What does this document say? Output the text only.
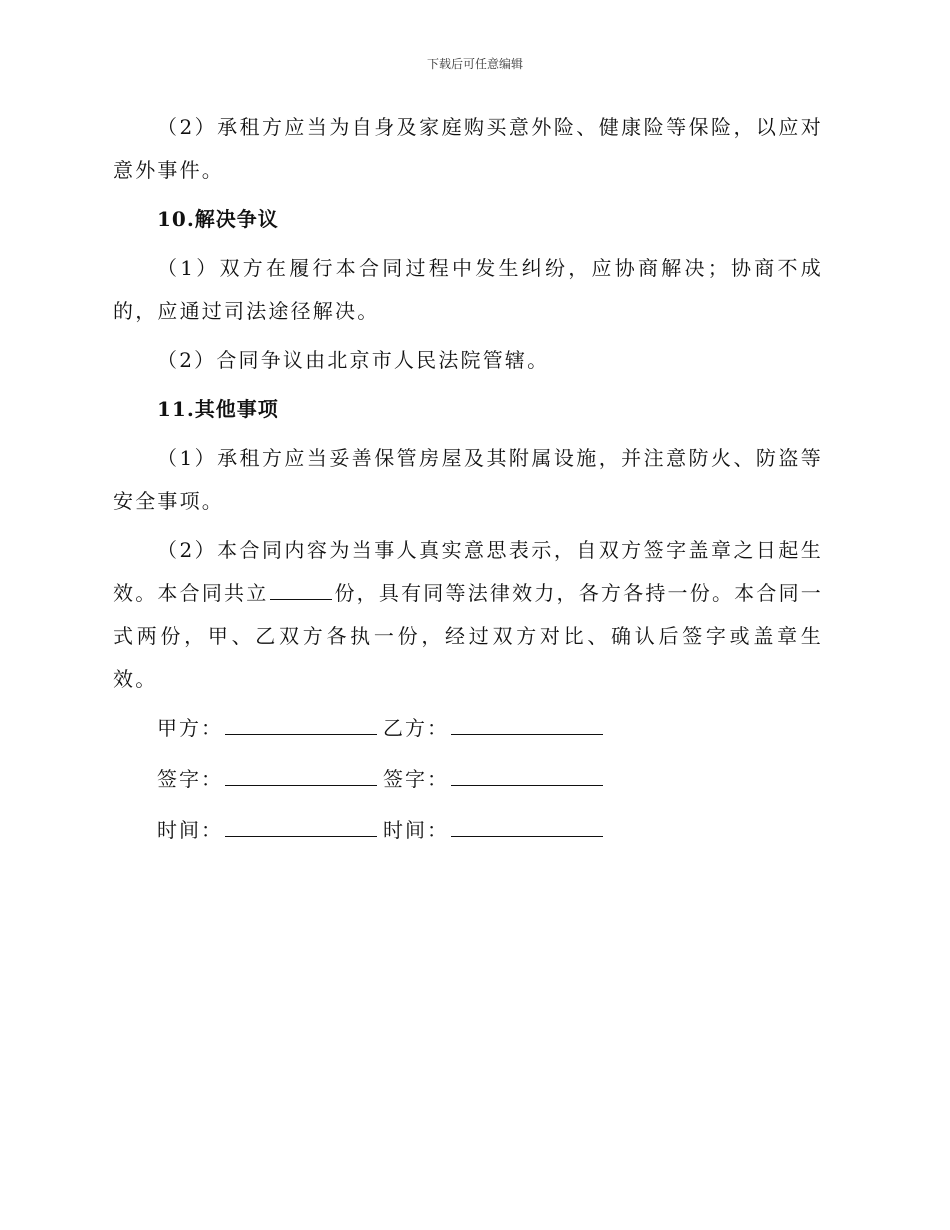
下载后可任意编辑

（2）承租方应当为自身及家庭购买意外险、健康险等保险，以应对意外事件。

10.解决争议

（1）双方在履行本合同过程中发生纠纷，应协商解决；协商不成的，应通过司法途径解决。

（2）合同争议由北京市人民法院管辖。

11.其他事项

（1）承租方应当妥善保管房屋及其附属设施，并注意防火、防盗等安全事项。

（2）本合同内容为当事人真实意思表示，自双方签字盖章之日起生效。本合同共立	份，具有同等法律效力，各方各持一份。本合同一式两份，甲、乙双方各执一份，经过双方对比、确认后签字或盖章生效。

甲方：	乙方：
签字：	签字：
时间：	时间：
